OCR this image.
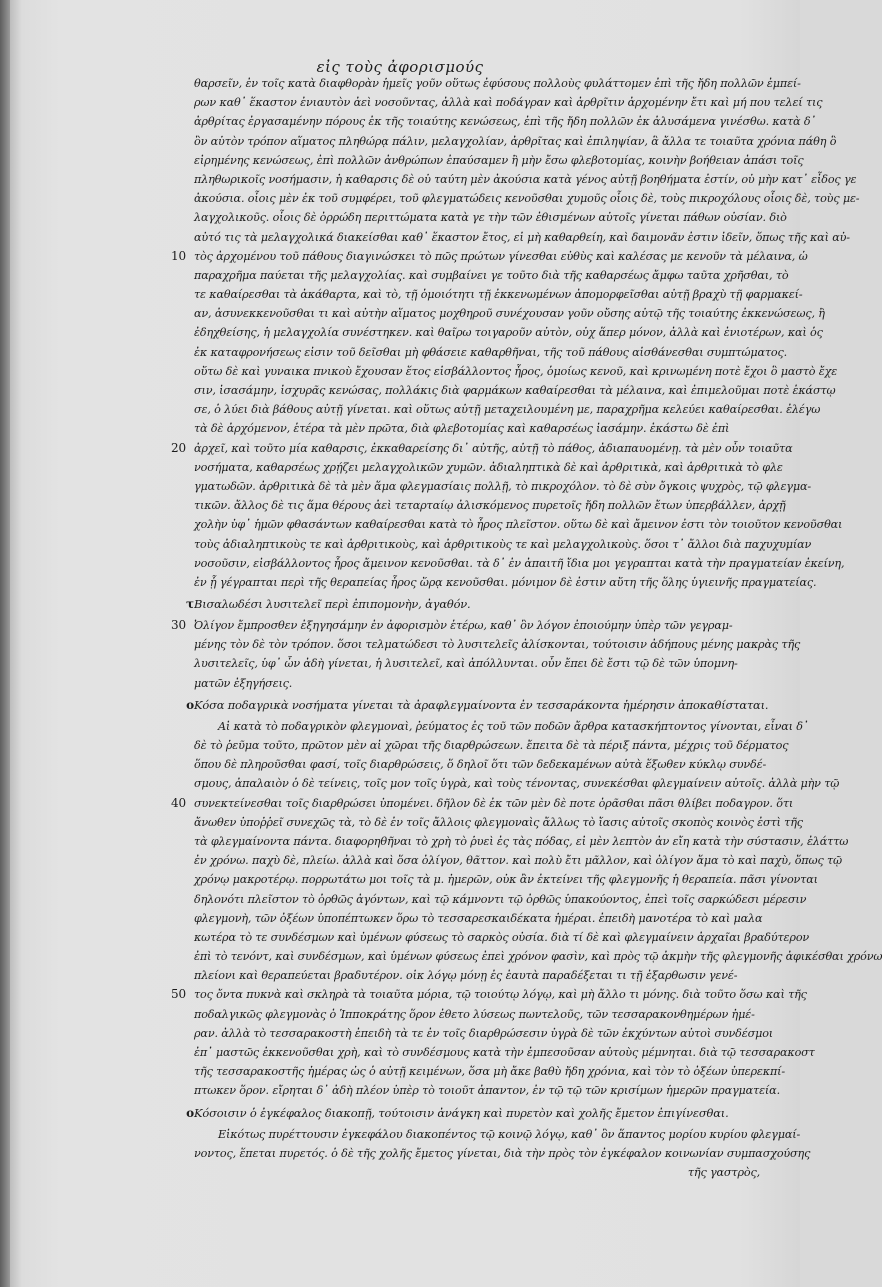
εἰς τοὺς ἀφορισμούς
θαρσεῖν, ἐν τοῖς κατὰ διαφθορὰν ἡμεῖς γοῦν οὕτως ἐφύσους πολλοὺς φυλάττομεν ἐπὶ τῆς ἤδη πολλῶν ἐμπεί-
ρων καθ᾽ ἕκαστον ἐνιαυτὸν ἀεὶ νοσοῦντας, ἀλλὰ καὶ ποδάγραν καὶ ἀρθρῖτιν ἀρχομένην ἔτι καὶ μή που τελεί τις
ἀρθρίτας ἐργασαμένην πόρους ἐκ τῆς τοιαύτης κενώσεως, ἐπὶ τῆς ἤδη πολλῶν ἐκ ἀλυσάμενα γινέσθω. κατὰ δ᾽
ὃν αὐτὸν τρόπον αἵματος πληθώρᾳ πάλιν, μελαγχολίαν, ἀρθρῖτας καὶ ἐπιληψίαν, ἃ ἄλλα τε τοιαῦτα χρόνια πάθη ὃ
εἰρημένης κενώσεως, ἐπὶ πολλῶν ἀνθρώπων ἐπαύσαμεν ἢ μὴν ἔσω φλεβοτομίας, κοινὴν βοήθειαν ἁπάσι τοῖς
πληθωρικοῖς νοσήμασιν, ἡ καθαρσις δὲ οὐ ταύτη μὲν ἀκούσια κατὰ γένος αὐτῇ βοηθήματα ἐστίν, οὐ μὴν κατ᾽ εἶδος γε
ἀκούσια. οἷοις μὲν ἐκ τοῦ συμφέρει, τοῦ φλεγματώδεις κενοῦσθαι χυμοῦς οἷοις δὲ, τοὺς πικροχόλους οἷοις δὲ, τοὺς με-
λαγχολικοῦς. οἷοις δὲ ὀρρώδη περιττώματα κατὰ γε τὴν τῶν ἐθισμένων αὐτοῖς γίνεται πάθων οὐσίαν. διὸ
αὐτό τις τὰ μελαγχολικά διακείσθαι καθ᾽ ἕκαστον ἔτος, εἰ μὴ καθαρθείη, καὶ δαιμονᾶν ἐστιν ἰδεῖν, ὅπως τῆς καὶ αὐ-
10 τὸς ἀρχομένου τοῦ πάθους διαγινώσκει τὸ πῶς πρώτων γίνεσθαι εὐθὺς καὶ καλέσας με κενοῦν τὰ μέλαινα, ὡ
παραχρῆμα παύεται τῆς μελαγχολίας. καὶ συμβαίνει γε τοῦτο διὰ τῆς καθαρσέως ἄμφω ταῦτα χρῆσθαι, τὸ
τε καθαίρεσθαι τὰ ἀκάθαρτα, καὶ τὸ, τῇ ὁμοιότητι τῇ ἐκκενωμένων ἀπομορφεῖσθαι αὐτῇ βραχὺ τῇ φαρμακεί-
αν, ἀσυνεκκενοῦσθαι τι καὶ αὐτὴν αἵματος μοχθηροῦ συνέχουσαν γοῦν οὔσης αὐτῷ τῆς τοιαύτης ἐκκενώσεως, ἢ
ἐδηχθείσης, ἡ μελαγχολία συνέστηκεν. καὶ θαῖρω τοιγαροῦν αὐτὸν, οὐχ ἅπερ μόνον, ἀλλὰ καὶ ἐνιοτέρων, καὶ ὁς
ἐκ καταφρονήσεως εἰσιν τοῦ δεῖσθαι μὴ φθάσειε καθαρθῆναι, τῆς τοῦ πάθους αἰσθάνεσθαι συμπτώματος.
οὕτω δὲ καὶ γυναικα πνικοὺ ἔχουσαν ἕτος εἰσβάλλοντος ἦρος, ὁμοίως κενοῦ, καὶ κρινωμένη ποτὲ ἔχοι ὃ μαστὸ ἔχε
σιν, ἰσασάμην, ἰσχυρᾶς κενώσας, πολλάκις διὰ φαρμάκων καθαίρεσθαι τὰ μέλαινα, καὶ ἐπιμελοῦμαι ποτὲ ἑκάστῳ
σε, ὁ λύει διὰ βάθους αὐτῇ γίνεται. καὶ οὕτως αὐτῇ μεταχειλουμένη με, παραχρῆμα κελεύει καθαίρεσθαι. ἐλέγω
τὰ δὲ ἀρχόμενον, ἑτέρα τὰ μὲν πρῶτα, διὰ φλεβοτομίας καὶ καθαρσέως ἰασάμην. ἑκάστω δὲ ἐπὶ
20 ἀρχεῖ, καὶ τοῦτο μία καθαρσις, ἐκκαθαρείσης δι᾽ αὐτῆς, αὐτῇ τὸ πάθος, ἀδιαπαυομένῃ. τὰ μὲν οὖν τοιαῦτα
νοσήματα, καθαρσέως χρῄζει μελαγχολικῶν χυμῶν. ἀδιαληπτικὰ δὲ καὶ ἀρθριτικὰ, καὶ ἀρθριτικὰ τὸ φλε
γματωδῶν. ἀρθριτικὰ δὲ τὰ μὲν ἅμα φλεγμασίαις πολλῇ, τὸ πικροχόλον. τὸ δὲ σὺν ὄγκοις ψυχρὸς, τῷ φλεγμα-
τικῶν. ἄλλος δὲ τις ἅμα θέρους ἀεὶ τεταρταίῳ ἀλισκόμενος πυρετοῖς ἤδη πολλῶν ἔτων ὑπερβάλλεν, ἀρχῇ
χολὴν ὑφ᾽ ἡμῶν φθασάντων καθαίρεσθαι κατὰ τὸ ἦρος πλεῖστον. οὕτω δὲ καὶ ἄμεινον ἐστι τὸν τοιοῦτον κενοῦσθαι
τοὺς ἀδιαληπτικοὺς τε καὶ ἀρθριτικοὺς, καὶ ἀρθριτικοὺς τε καὶ μελαγχολικοὺς. ὅσοι τ᾽ ἄλλοι διὰ παχυχυμίαν
νοσοῦσιν, εἰσβάλλοντος ἦρος ἄμεινον κενοῦσθαι. τὰ δ᾽ ἐν ἀπαιτῆ ἴδια μοι γεγραπται κατὰ τὴν πραγματείαν ἐκείνη,
ἐν ᾗ γέγραπται περὶ τῆς θεραπείας ἦρος ὥρᾳ κενοῦσθαι. μόνιμον δὲ ἐστιν αὕτη τῆς ὅλης ὑγιεινῆς πραγματείας.
τ Βισαλωδέσι λυσιτελεῖ περὶ ἐπιπομονὴν, ἀγαθόν.
30 Ὀλίγον ἔμπροσθεν ἐξηγησάμην ἐν ἀφορισμὸν ἑτέρω, καθ᾽ ὃν λόγον ἐποιούμην ὑπὲρ τῶν γεγραμ-
μένης τὸν δὲ τὸν τρόπον. ὅσοι τελματώδεσι τὸ λυσιτελεῖς ἀλίσκονται, τούτοισιν ἀδήπους μένης μακρὰς τῆς
λυσιτελεῖς, ὑφ᾽ ὧν ἀδὴ γίνεται, ἡ λυσιτελεῖ, καὶ ἀπόλλυνται. οὖν ἔπει δὲ ἔστι τῷ δὲ τῶν ὑπομνη-
ματῶν ἐξηγήσεις.
ο Κόσα ποδαγρικὰ νοσήματα γίνεται τὰ ἀραφλεγμαίνοντα ἐν τεσσαράκοντα ἡμέρησιν ἀποκαθίσταται.
Αἱ κατὰ τὸ ποδαγρικὸν φλεγμοναὶ, ῥεύματος ἐς τοῦ τῶν ποδῶν ἄρθρα κατασκήπτοντος γίνονται, εἶναι δ᾽
δὲ τὸ ῥεῦμα τοῦτο, πρῶτον μὲν αἱ χῶραι τῆς διαρθρώσεων. ἔπειτα δὲ τὰ πέριξ πάντα, μέχρις τοῦ δέρματος
ὅπου δὲ πληροῦσθαι φασί, τοῖς διαρθρώσεις, ὅ δηλοῖ ὅτι τῶν δεδεκαμένων αὐτὰ ἕξωθεν κύκλῳ συνδέ-
σμους, ἀπαλαιὸν ὁ δὲ τείνεις, τοῖς μον τοῖς ὑγρὰ, καὶ τοὺς τένοντας, συνεκέσθαι φλεγμαίνειν αὐτοῖς. ἀλλὰ μὴν τῷ
40 συνεκτείνεσθαι τοῖς διαρθρώσει ὑπομένει. δῆλον δὲ ἐκ τῶν μὲν δὲ ποτε ὁρᾶσθαι πᾶσι θλίβει ποδαγρον. ὅτι
ἄνωθεν ὑποῤῥεῖ συνεχῶς τὰ, τὸ δὲ ἐν τοῖς ἄλλοις φλεγμοναὶς ἄλλως τὸ ἴασις αὐτοῖς σκοπὸς κοινὸς ἐστὶ τῆς
τὰ φλεγμαίνοντα πάντα. διαφορηθῆναι τὸ χρὴ τὸ ῥυεὶ ἐς τὰς πόδας, εἰ μὲν λεπτὸν ἀν εἴη κατὰ τὴν σύστασιν, ἐλάττω
ἐν χρόνω. παχὺ δὲ, πλείω. ἀλλὰ καὶ ὅσα ὀλίγον, θᾶττον. καὶ πολὺ ἔτι μᾶλλον, καὶ ὀλίγον ἅμα τὸ καὶ παχὺ, ὅπως τῷ
χρόνῳ μακροτέρῳ. πορρωτάτω μοι τοῖς τὰ μ. ἡμερῶν, οὐκ ἂν ἐκτείνει τῆς φλεγμονῆς ἡ θεραπεία. πᾶσι γίνονται
δηλονότι πλεῖστον τὸ ὀρθῶς ἀγόντων, καὶ τῷ κάμνοντι τῷ ὀρθῶς ὑπακούοντος, ἐπεὶ τοῖς σαρκώδεσι μέρεσιν
φλεγμονὴ, τῶν ὀξέων ὑποπέπτωκεν ὅρω τὸ τεσσαρεσκαιδέκατα ἡμέραι. ἐπειδὴ μανοτέρα τὸ καὶ μαλα
κωτέρα τὸ τε συνδέσμων καὶ ὑμένων φύσεως τὸ σαρκὸς οὐσία. διὰ τί δὲ καὶ φλεγμαίνειν ἀρχαῖαι βραδύτερον
ἐπὶ τὸ τενόντ, καὶ συνδέσμων, καὶ ὑμένων φύσεως ἐπεὶ χρόνον φασὶν, καὶ πρὸς τῷ ἀκμὴν τῆς φλεγμονῆς ἀφικέσθαι χρόνω
πλείονι καὶ θεραπεύεται βραδυτέρον. οἰκ λόγῳ μόνῃ ἐς ἑαυτὰ παραδέξεται τι τῇ ἐξαρθωσιν γενέ-
50 τος ὄντα πυκνὰ καὶ σκληρὰ τὰ τοιαῦτα μόρια, τῷ τοιούτῳ λόγῳ, καὶ μὴ ἄλλο τι μόνης. διὰ τοῦτο ὅσω καὶ τῆς
ποδαλγικῶς φλεγμονὰς ὁ Ἱπποκράτης ὅρον ἐθετο λύσεως πωντελοῦς, τῶν τεσσαρακονθημέρων ἡμέ-
ραν. ἀλλὰ τὸ τεσσαρακοστὴ ἐπειδὴ τὰ τε ἐν τοῖς διαρθρώσεσιν ὑγρὰ δὲ τῶν ἐκχύντων αὐτοὶ συνδέσμοι
ἐπ᾽ μαστῶς ἐκκενοῦσθαι χρὴ, καὶ τὸ συνδέσμους κατὰ τὴν ἐμπεσοῦσαν αὐτοὺς μέμνηται. διὰ τῷ τεσσαρακοστ
τῆς τεσσαρακοστῆς ἡμέρας ὡς ὁ αὐτῇ κειμένων, ὅσα μὴ ἄκε βαθὺ ἤδη χρόνια, καὶ τὸν τὸ ὀξέων ὑπερεκπί-
πτωκεν ὅρον. εἴρηται δ᾽ ἀδὴ πλέον ὑπὲρ τὸ τοιοῦτ ἀπαντον, ἐν τῷ τῷ τῶν κρισίμων ἡμερῶν πραγματεία.
ο Κόσοισιν ὁ ἐγκέφαλος διακοπῇ, τούτοισιν ἀνάγκη καὶ πυρετὸν καὶ χολῆς ἔμετον ἐπιγίνεσθαι.
Εἰκότως πυρέττουσιν ἐγκεφάλου διακοπέντος τῷ κοινῷ λόγῳ, καθ᾽ ὃν ἅπαντος μορίου κυρίου φλεγμαί-
νοντος, ἕπεται πυρετός. ὁ δὲ τῆς χολῆς ἔμετος γίνεται, διὰ τὴν πρὸς τὸν ἐγκέφαλον κοινωνίαν συμπασχούσης
τῆς γαστρὸς,
